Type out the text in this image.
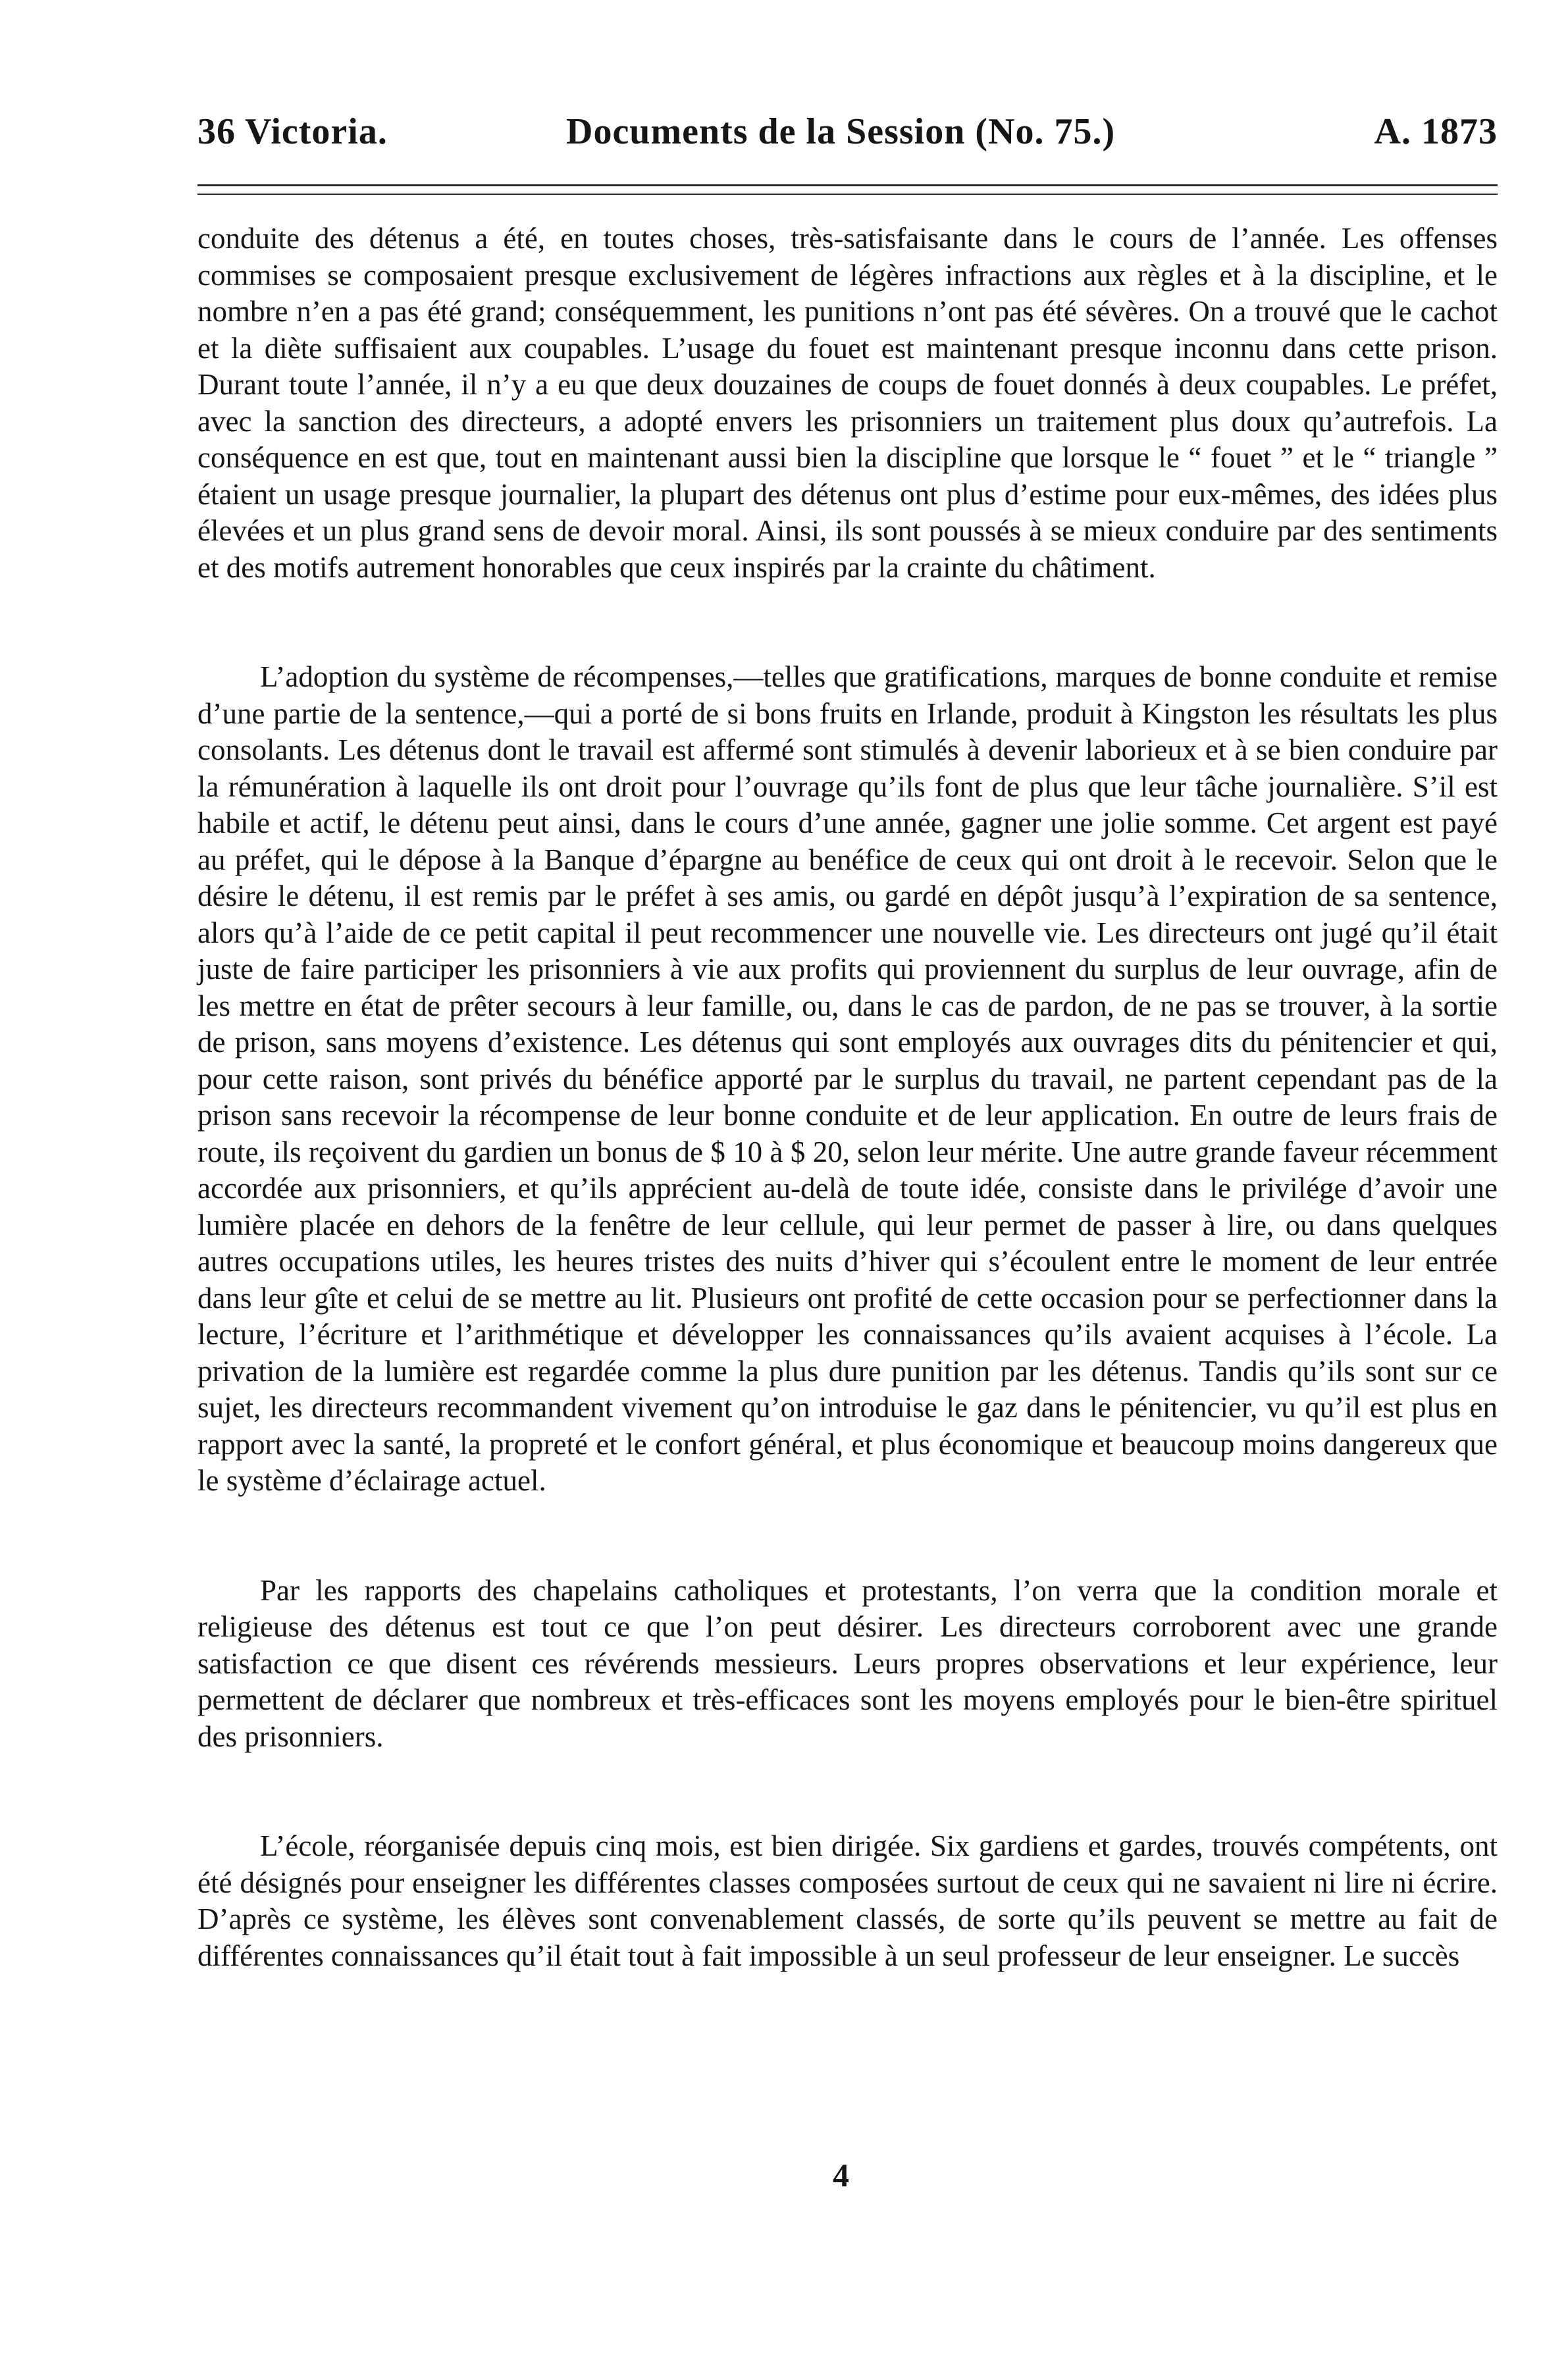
36 Victoria.	Documents de la Session (No. 75.)	A. 1873

conduite des détenus a été, en toutes choses, très-satisfaisante dans le cours de l’année. Les offenses commises se composaient presque exclusivement de légères infractions aux règles et à la discipline, et le nombre n’en a pas été grand; conséquemment, les punitions n’ont pas été sévères. On a trouvé que le cachot et la diète suffisaient aux coupables. L’usage du fouet est maintenant presque inconnu dans cette prison. Durant toute l’année, il n’y a eu que deux douzaines de coups de fouet donnés à deux coupables. Le préfet, avec la sanction des directeurs, a adopté envers les prisonniers un traitement plus doux qu’autrefois. La conséquence en est que, tout en maintenant aussi bien la discipline que lorsque le “ fouet ” et le “ triangle ” étaient un usage presque journalier, la plupart des détenus ont plus d’estime pour eux-mêmes, des idées plus élevées et un plus grand sens de devoir moral. Ainsi, ils sont poussés à se mieux conduire par des sentiments et des motifs autrement honorables que ceux inspirés par la crainte du châtiment.

L’adoption du système de récompenses,—telles que gratifications, marques de bonne conduite et remise d’une partie de la sentence,—qui a porté de si bons fruits en Irlande, produit à Kingston les résultats les plus consolants. Les détenus dont le travail est affermé sont stimulés à devenir laborieux et à se bien conduire par la rémunération à laquelle ils ont droit pour l’ouvrage qu’ils font de plus que leur tâche journalière. S’il est habile et actif, le détenu peut ainsi, dans le cours d’une année, gagner une jolie somme. Cet argent est payé au préfet, qui le dépose à la Banque d’épargne au benéfice de ceux qui ont droit à le recevoir. Selon que le désire le détenu, il est remis par le préfet à ses amis, ou gardé en dépôt jusqu’à l’expiration de sa sentence, alors qu’à l’aide de ce petit capital il peut recommencer une nouvelle vie. Les directeurs ont jugé qu’il était juste de faire participer les prisonniers à vie aux profits qui proviennent du surplus de leur ouvrage, afin de les mettre en état de prêter secours à leur famille, ou, dans le cas de pardon, de ne pas se trouver, à la sortie de prison, sans moyens d’existence. Les détenus qui sont employés aux ouvrages dits du pénitencier et qui, pour cette raison, sont privés du bénéfice apporté par le surplus du travail, ne partent cependant pas de la prison sans recevoir la récompense de leur bonne conduite et de leur application. En outre de leurs frais de route, ils reçoivent du gardien un bonus de $ 10 à $ 20, selon leur mérite. Une autre grande faveur récemment accordée aux prisonniers, et qu’ils apprécient au-delà de toute idée, consiste dans le privilége d’avoir une lumière placée en dehors de la fenêtre de leur cellule, qui leur permet de passer à lire, ou dans quelques autres occupations utiles, les heures tristes des nuits d’hiver qui s’écoulent entre le moment de leur entrée dans leur gîte et celui de se mettre au lit. Plusieurs ont profité de cette occasion pour se perfectionner dans la lecture, l’écriture et l’arithmétique et développer les connaissances qu’ils avaient acquises à l’école. La privation de la lumière est regardée comme la plus dure punition par les détenus. Tandis qu’ils sont sur ce sujet, les directeurs recommandent vivement qu’on introduise le gaz dans le pénitencier, vu qu’il est plus en rapport avec la santé, la propreté et le confort général, et plus économique et beaucoup moins dangereux que le système d’éclairage actuel.

Par les rapports des chapelains catholiques et protestants, l’on verra que la condition morale et religieuse des détenus est tout ce que l’on peut désirer. Les directeurs corroborent avec une grande satisfaction ce que disent ces révérends messieurs. Leurs propres observations et leur expérience, leur permettent de déclarer que nombreux et très-efficaces sont les moyens employés pour le bien-être spirituel des prisonniers.

L’école, réorganisée depuis cinq mois, est bien dirigée. Six gardiens et gardes, trouvés compétents, ont été désignés pour enseigner les différentes classes composées surtout de ceux qui ne savaient ni lire ni écrire. D’après ce système, les élèves sont convenablement classés, de sorte qu’ils peuvent se mettre au fait de différentes connaissances qu’il était tout à fait impossible à un seul professeur de leur enseigner. Le succès

4
